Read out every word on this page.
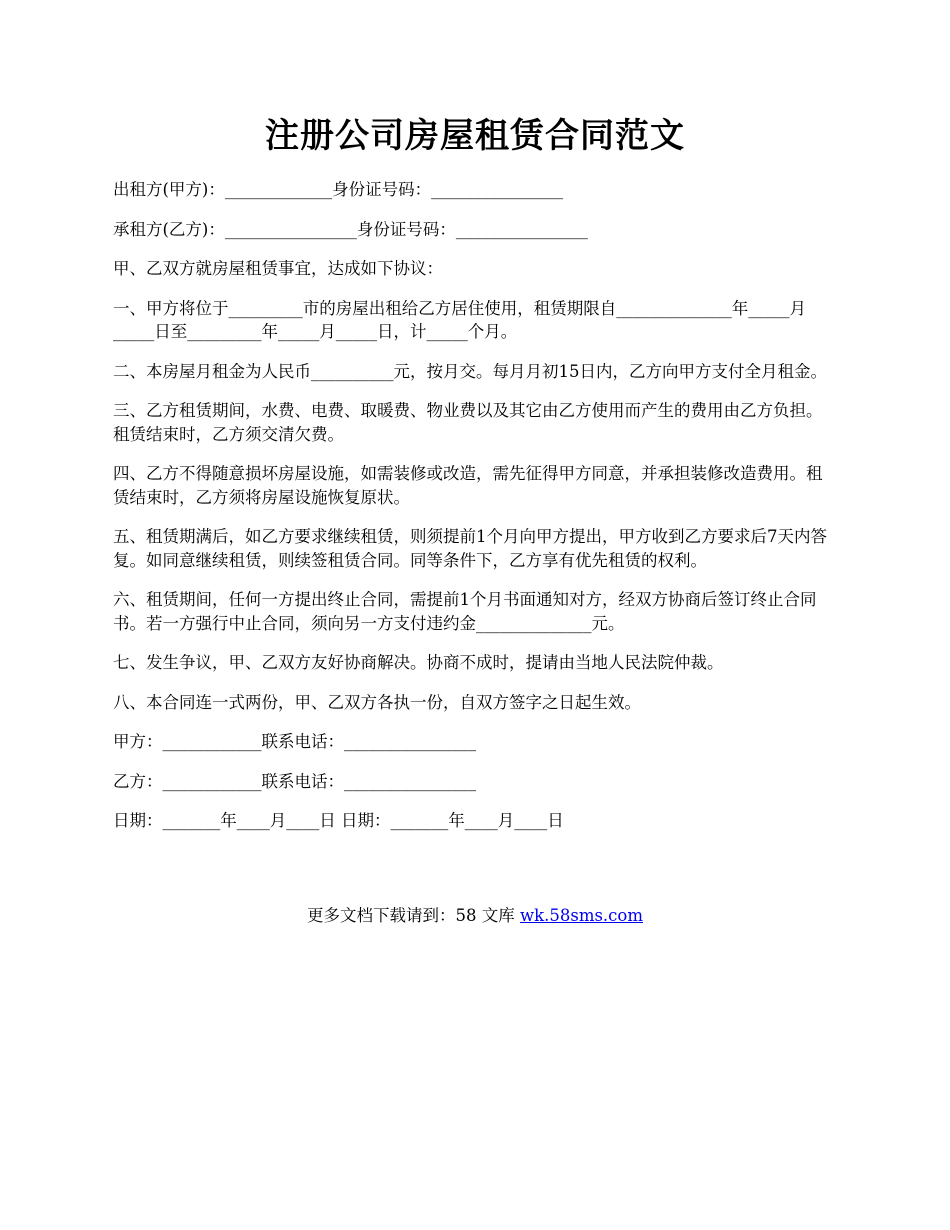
注册公司房屋租赁合同范文

出租方(甲方)：_____________身份证号码：________________

承租方(乙方)：________________身份证号码：________________

甲、乙双方就房屋租赁事宜，达成如下协议：

一、甲方将位于_________市的房屋出租给乙方居住使用，租赁期限自______________年_____月_____日至_________年_____月_____日，计_____个月。

二、本房屋月租金为人民币__________元，按月交。每月月初15日内，乙方向甲方支付全月租金。

三、乙方租赁期间，水费、电费、取暖费、物业费以及其它由乙方使用而产生的费用由乙方负担。租赁结束时，乙方须交清欠费。

四、乙方不得随意损坏房屋设施，如需装修或改造，需先征得甲方同意，并承担装修改造费用。租赁结束时，乙方须将房屋设施恢复原状。

五、租赁期满后，如乙方要求继续租赁，则须提前1个月向甲方提出，甲方收到乙方要求后7天内答复。如同意继续租赁，则续签租赁合同。同等条件下，乙方享有优先租赁的权利。

六、租赁期间，任何一方提出终止合同，需提前1个月书面通知对方，经双方协商后签订终止合同书。若一方强行中止合同，须向另一方支付违约金______________元。

七、发生争议，甲、乙双方友好协商解决。协商不成时，提请由当地人民法院仲裁。

八、本合同连一式两份，甲、乙双方各执一份，自双方签字之日起生效。

甲方：____________联系电话：________________

乙方：____________联系电话：________________

日期：_______年____月____日 日期：_______年____月____日

更多文档下载请到：58 文库 wk.58sms.com
